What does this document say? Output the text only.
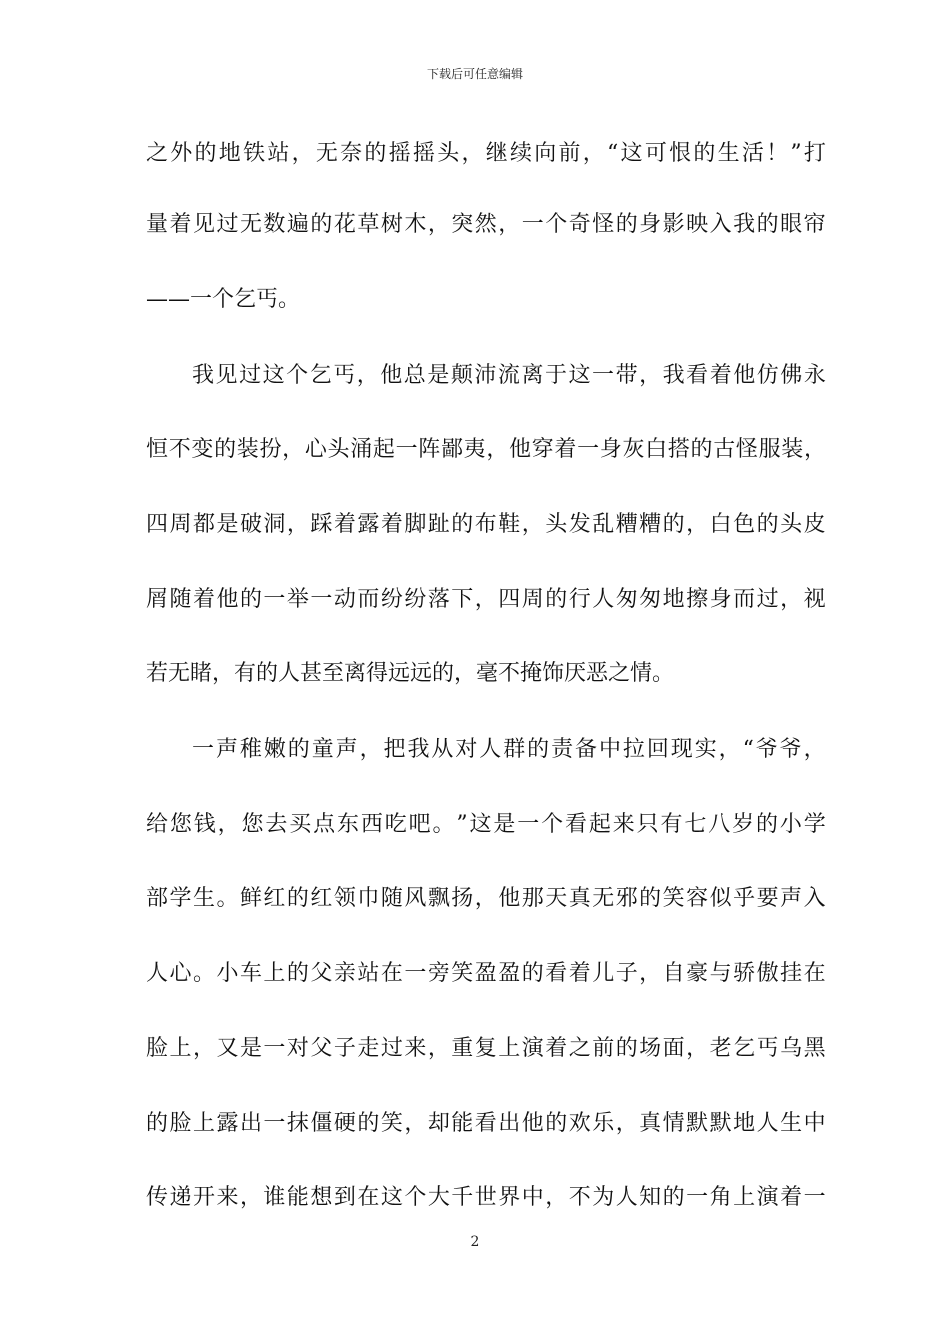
下载后可任意编辑
之 外 的 地 铁 站 ， 无 奈 的 摇 摇 头 ， 继 续 向 前 ， “ 这 可 恨 的 生 活 ！ ” 打
量 着 见 过 无 数 遍 的 花 草 树 木 ， 突 然 ， 一 个 奇 怪 的 身 影 映 入 我 的 眼 帘
——一个乞丐。
我 见 过 这 个 乞 丐 ， 他 总 是 颠 沛 流 离 于 这 一 带 ， 我 看 着 他 仿 佛 永
恒 不 变 的 装 扮 ， 心 头 涌 起 一 阵 鄙 夷 ， 他 穿 着 一 身 灰 白 搭 的 古 怪 服 装 ，
四 周 都 是 破 洞 ， 踩 着 露 着 脚 趾 的 布 鞋 ， 头 发 乱 糟 糟 的 ， 白 色 的 头 皮
屑 随 着 他 的 一 举 一 动 而 纷 纷 落 下 ， 四 周 的 行 人 匆 匆 地 擦 身 而 过 ， 视
若无睹，有的人甚至离得远远的，毫不掩饰厌恶之情。
一 声 稚 嫩 的 童 声 ， 把 我 从 对 人 群 的 责 备 中 拉 回 现 实 ， “ 爷 爷 ，
给 您 钱 ， 您 去 买 点 东 西 吃 吧 。 ” 这 是 一 个 看 起 来 只 有 七 八 岁 的 小 学
部 学 生 。 鲜 红 的 红 领 巾 随 风 飘 扬 ， 他 那 天 真 无 邪 的 笑 容 似 乎 要 声 入
人 心 。 小 车 上 的 父 亲 站 在 一 旁 笑 盈 盈 的 看 着 儿 子 ， 自 豪 与 骄 傲 挂 在
脸 上 ， 又 是 一 对 父 子 走 过 来 ， 重 复 上 演 着 之 前 的 场 面 ， 老 乞 丐 乌 黑
的 脸 上 露 出 一 抹 僵 硬 的 笑 ， 却 能 看 出 他 的 欢 乐 ， 真 情 默 默 地 人 生 中
传 递 开 来 ， 谁 能 想 到 在 这 个 大 千 世 界 中 ， 不 为 人 知 的 一 角 上 演 着 一
2
